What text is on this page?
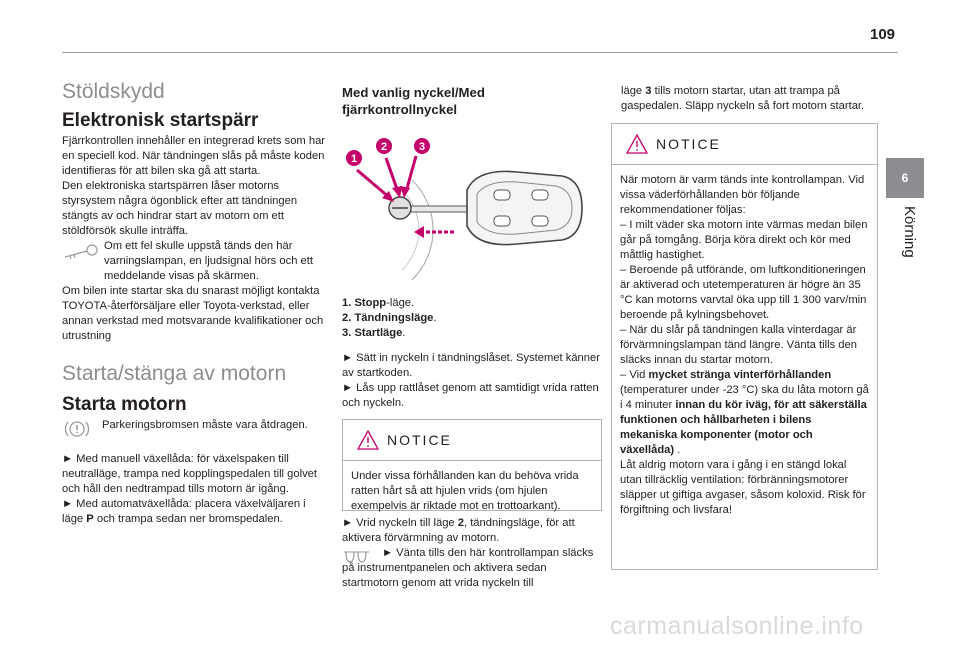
109
6
Körning
Stöldskydd
Elektronisk startspärr

Fjärrkontrollen innehåller en integrerad krets som har en speciell kod. När tändningen slås på måste koden identifieras för att bilen ska gå att starta.

Den elektroniska startspärren låser motorns styrsystem några ögonblick efter att tändningen stängts av och hindrar start av motorn om ett stöldförsök skulle inträffa.

Om ett fel skulle uppstå tänds den här varningslampan, en ljudsignal hörs och ett meddelande visas på skärmen.

Om bilen inte startar ska du snarast möjligt kontakta TOYOTA-återförsäljare eller Toyota-verkstad, eller annan verkstad med motsvarande kvalifikationer och utrustning

Starta/stänga av motorn
Starta motorn

Parkeringsbromsen måste vara åtdragen.

► Med manuell växellåda: för växelspaken till neutralläge, trampa ned kopplingspedalen till golvet och håll den nedtrampad tills motorn är igång.

► Med automatväxellåda: placera växelväljaren i läge P och trampa sedan ner bromspedalen.

Med vanlig nyckel/Med fjärrkontrollnyckel
1
2	3

1. Stopp-läge.

2. Tändningsläge.

3. Startläge.

► Sätt in nyckeln i tändningslåset. Systemet känner av startkoden.

► Lås upp rattlåset genom att samtidigt vrida ratten och nyckeln.

NOTICE
Under vissa förhållanden kan du behöva vrida ratten hårt så att hjulen vrids (om hjulen exempelvis är riktade mot en trottoarkant).

► Vrid nyckeln till läge 2, tändningsläge, för att aktivera förvärmning av motorn.

► Vänta tills den här kontrollampan släcks på instrumentpanelen och aktivera sedan startmotorn genom att vrida nyckeln till

läge 3 tills motorn startar, utan att trampa på gaspedalen. Släpp nyckeln så fort motorn startar.

NOTICE

När motorn är varm tänds inte kontrollampan. Vid vissa väderförhållanden bör följande rekommendationer följas:

– I milt väder ska motorn inte värmas medan bilen går på tomgång. Börja köra direkt och kör med måttlig hastighet.

– Beroende på utförande, om luftkonditioneringen är aktiverad och utetemperaturen är högre än 35 °C kan motorns varvtal öka upp till 1 300 varv/min beroende på kylningsbehovet.

– När du slår på tändningen kalla vinterdagar är förvärmningslampan tänd längre. Vänta tills den släcks innan du startar motorn.

– Vid mycket stränga vinterförhållanden (temperaturer under -23 °C) ska du låta motorn gå i 4 minuter innan du kör iväg, för att säkerställa funktionen och hållbarheten i bilens mekaniska komponenter (motor och växellåda) .

Låt aldrig motorn vara i gång i en stängd lokal utan tillräcklig ventilation: förbränningsmotorer släpper ut giftiga avgaser, såsom koloxid. Risk för förgiftning och livsfara!

carmanualsonline.info
